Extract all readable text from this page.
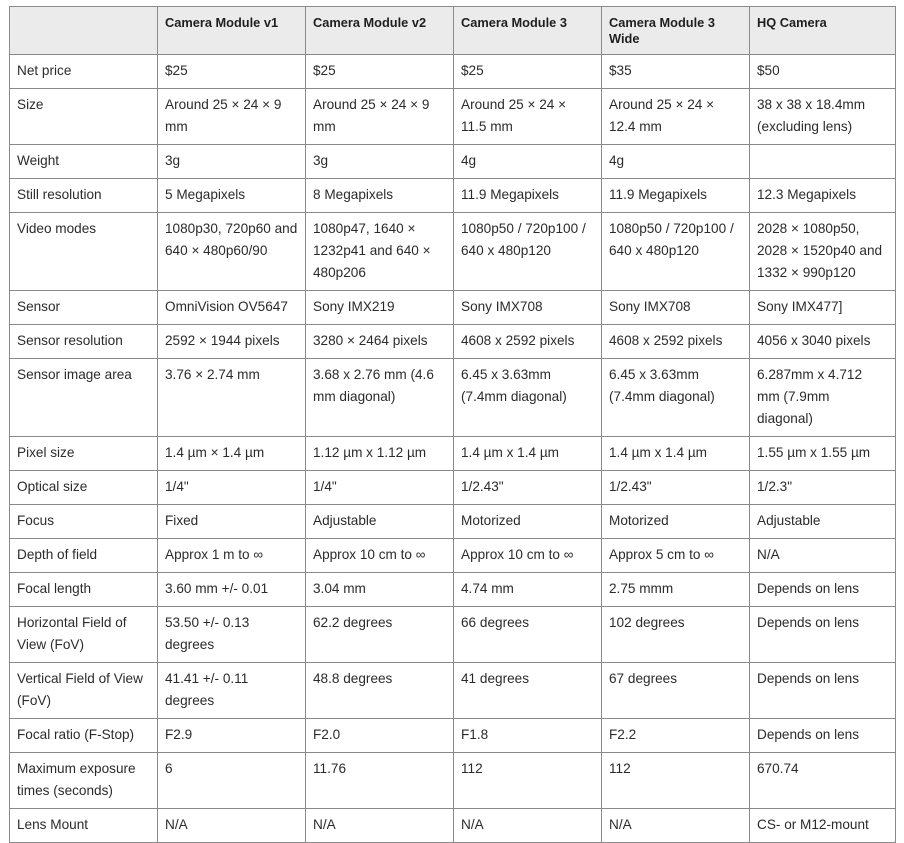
	Camera Module v1	Camera Module v2	Camera Module 3	Camera Module 3 Wide	HQ Camera
Net price	$25	$25	$25	$35	$50
Size	Around 25 × 24 × 9 mm	Around 25 × 24 × 9 mm	Around 25 × 24 × 11.5 mm	Around 25 × 24 × 12.4 mm	38 x 38 x 18.4mm (excluding lens)
Weight	3g	3g	4g	4g	
Still resolution	5 Megapixels	8 Megapixels	11.9 Megapixels	11.9 Megapixels	12.3 Megapixels
Video modes	1080p30, 720p60 and 640 × 480p60/90	1080p47, 1640 × 1232p41 and 640 × 480p206	1080p50 / 720p100 / 640 x 480p120	1080p50 / 720p100 / 640 x 480p120	2028 × 1080p50, 2028 × 1520p40 and 1332 × 990p120
Sensor	OmniVision OV5647	Sony IMX219	Sony IMX708	Sony IMX708	Sony IMX477]
Sensor resolution	2592 × 1944 pixels	3280 × 2464 pixels	4608 x 2592 pixels	4608 x 2592 pixels	4056 x 3040 pixels
Sensor image area	3.76 × 2.74 mm	3.68 x 2.76 mm (4.6 mm diagonal)	6.45 x 3.63mm (7.4mm diagonal)	6.45 x 3.63mm (7.4mm diagonal)	6.287mm x 4.712 mm (7.9mm diagonal)
Pixel size	1.4 µm × 1.4 µm	1.12 µm x 1.12 µm	1.4 µm x 1.4 µm	1.4 µm x 1.4 µm	1.55 µm x 1.55 µm
Optical size	1/4"	1/4"	1/2.43"	1/2.43"	1/2.3"
Focus	Fixed	Adjustable	Motorized	Motorized	Adjustable
Depth of field	Approx 1 m to ∞	Approx 10 cm to ∞	Approx 10 cm to ∞	Approx 5 cm to ∞	N/A
Focal length	3.60 mm +/- 0.01	3.04 mm	4.74 mm	2.75 mmm	Depends on lens
Horizontal Field of View (FoV)	53.50 +/- 0.13 degrees	62.2 degrees	66 degrees	102 degrees	Depends on lens
Vertical Field of View (FoV)	41.41 +/- 0.11 degrees	48.8 degrees	41 degrees	67 degrees	Depends on lens
Focal ratio (F-Stop)	F2.9	F2.0	F1.8	F2.2	Depends on lens
Maximum exposure times (seconds)	6	11.76	112	112	670.74
Lens Mount	N/A	N/A	N/A	N/A	CS- or M12-mount
